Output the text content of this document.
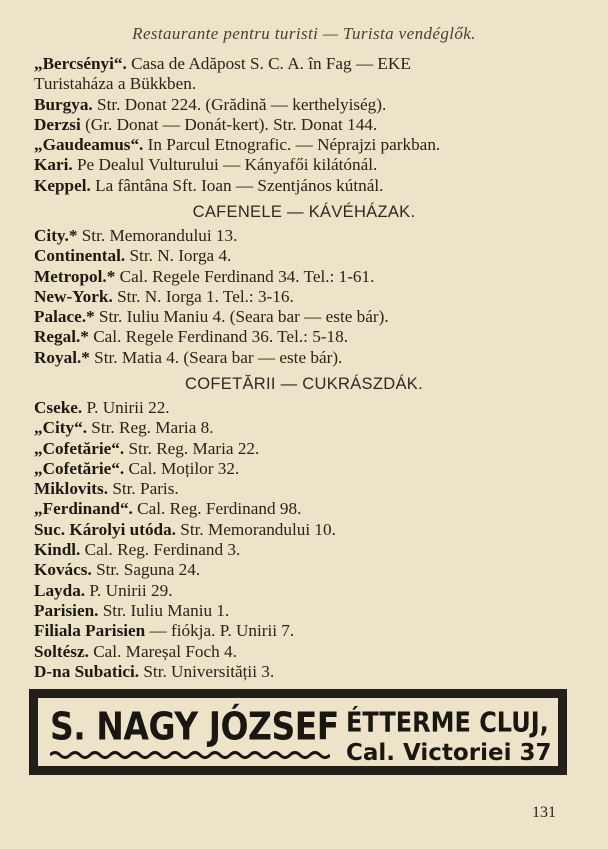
Restaurante pentru turisti — Turista vendéglők.
„Bercsényi“. Casa de Adăpost S. C. A. în Fag — EKE
Turistaháza a Bükkben.
Burgya. Str. Donat 224. (Grădină — kerthelyiség).
Derzsi (Gr. Donat — Donát-kert). Str. Donat 144.
„Gaudeamus“. In Parcul Etnografic. — Néprajzi parkban.
Kari. Pe Dealul Vulturului — Kányafői kilátónál.
Keppel. La fântâna Sft. Ioan — Szentjános kútnál.
CAFENELE — KÁVÉHÁZAK.
City.* Str. Memorandului 13.
Continental. Str. N. Iorga 4.
Metropol.* Cal. Regele Ferdinand 34. Tel.: 1-61.
New-York. Str. N. Iorga 1. Tel.: 3-16.
Palace.* Str. Iuliu Maniu 4. (Seara bar — este bár).
Regal.* Cal. Regele Ferdinand 36. Tel.: 5-18.
Royal.* Str. Matia 4. (Seara bar — este bár).
COFETĂRII — CUKRÁSZDÁK.
Cseke. P. Unirii 22.
„City“. Str. Reg. Maria 8.
„Cofetărie“. Str. Reg. Maria 22.
„Cofetărie“. Cal. Moților 32.
Miklovits. Str. Paris.
„Ferdinand“. Cal. Reg. Ferdinand 98.
Suc. Károlyi utóda. Str. Memorandului 10.
Kindl. Cal. Reg. Ferdinand 3.
Kovács. Str. Saguna 24.
Layda. P. Unirii 29.
Parisien. Str. Iuliu Maniu 1.
Filiala Parisien — fiókja. P. Unirii 7.
Soltész. Cal. Mareșal Foch 4.
D-na Subatici. Str. Universității 3.
S. NAGY JÓZSEF ÉTTERME CLUJ,
Cal. Victoriei 37
131
